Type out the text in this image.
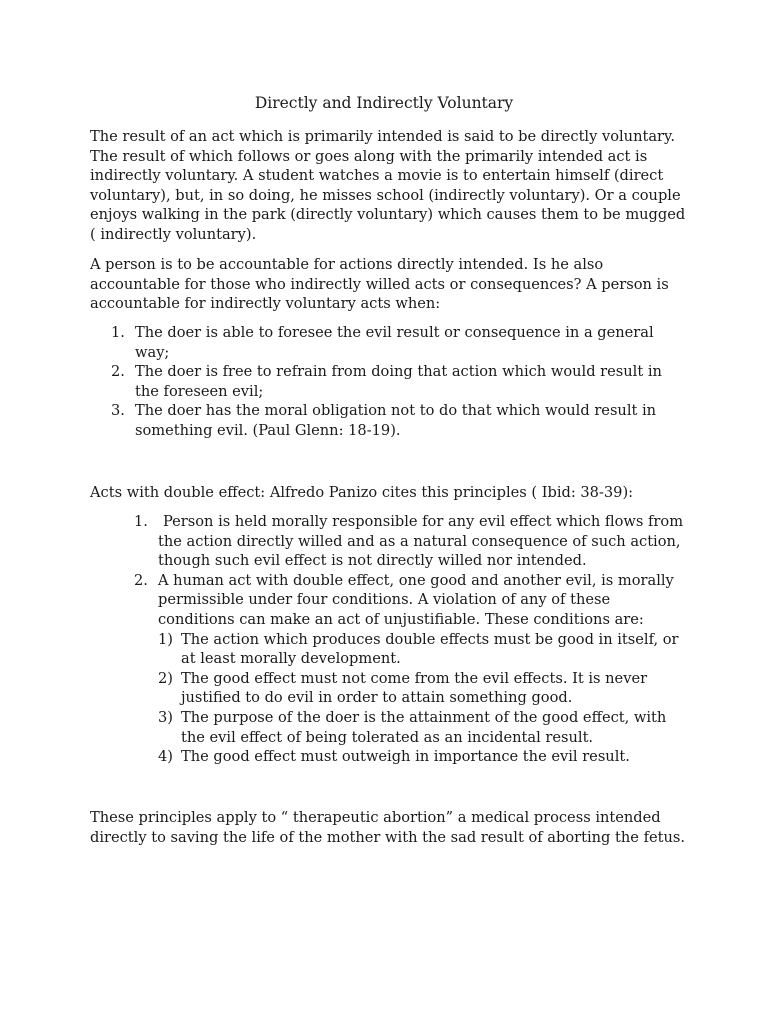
Directly and Indirectly Voluntary

The result of an act which is primarily intended is said to be directly voluntary. The result of which follows or goes along with the primarily intended act is indirectly voluntary. A student watches a movie is to entertain himself (direct voluntary), but, in so doing, he misses school (indirectly voluntary). Or a couple enjoys walking in the park (directly voluntary) which causes them to be mugged ( indirectly voluntary).

A person is to be accountable for actions directly intended. Is he also accountable for those who indirectly willed acts or consequences? A person is accountable for indirectly voluntary acts when:

1. The doer is able to foresee the evil result or consequence in a general way;
2. The doer is free to refrain from doing that action which would result in the foreseen evil;
3. The doer has the moral obligation not to do that which would result in something evil. (Paul Glenn: 18-19).

Acts with double effect: Alfredo Panizo cites this principles ( Ibid: 38-39):

1. Person is held morally responsible for any evil effect which flows from the action directly willed and as a natural consequence of such action, though such evil effect is not directly willed nor intended.
2. A human act with double effect, one good and another evil, is morally permissible under four conditions. A violation of any of these conditions can make an act of unjustifiable. These conditions are:
1) The action which produces double effects must be good in itself, or at least morally development.
2) The good effect must not come from the evil effects. It is never justified to do evil in order to attain something good.
3) The purpose of the doer is the attainment of the good effect, with the evil effect of being tolerated as an incidental result.
4) The good effect must outweigh in importance the evil result.

These principles apply to “ therapeutic abortion” a medical process intended directly to saving the life of the mother with the sad result of aborting the fetus.
